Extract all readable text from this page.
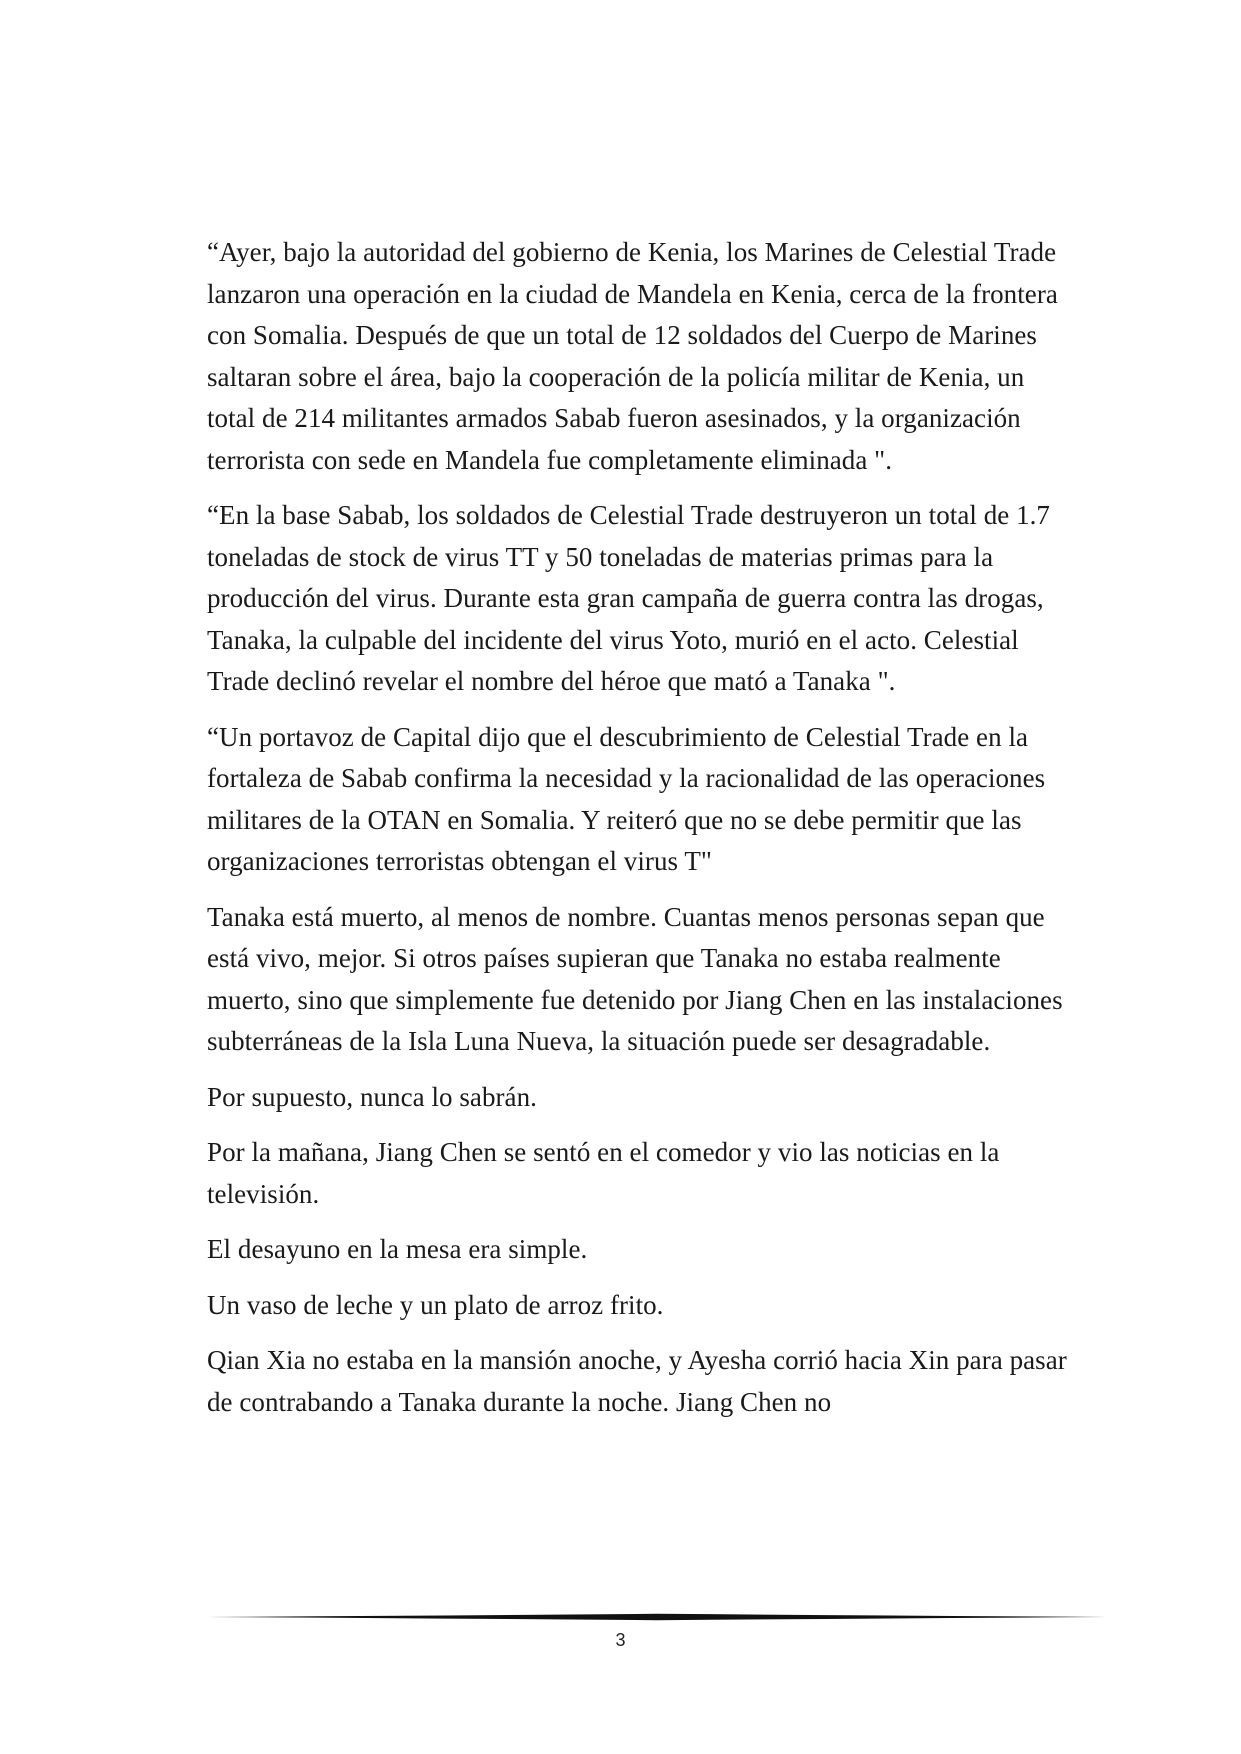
“Ayer, bajo la autoridad del gobierno de Kenia, los Marines de Celestial Trade lanzaron una operación en la ciudad de Mandela en Kenia, cerca de la frontera con Somalia. Después de que un total de 12 soldados del Cuerpo de Marines saltaran sobre el área, bajo la cooperación de la policía militar de Kenia, un total de 214 militantes armados Sabab fueron asesinados, y la organización terrorista con sede en Mandela fue completamente eliminada ".

“En la base Sabab, los soldados de Celestial Trade destruyeron un total de 1.7 toneladas de stock de virus TT y 50 toneladas de materias primas para la producción del virus. Durante esta gran campaña de guerra contra las drogas, Tanaka, la culpable del incidente del virus Yoto, murió en el acto. Celestial Trade declinó revelar el nombre del héroe que mató a Tanaka ".

“Un portavoz de Capital dijo que el descubrimiento de Celestial Trade en la fortaleza de Sabab confirma la necesidad y la racionalidad de las operaciones militares de la OTAN en Somalia. Y reiteró que no se debe permitir que las organizaciones terroristas obtengan el virus T"

Tanaka está muerto, al menos de nombre. Cuantas menos personas sepan que está vivo, mejor. Si otros países supieran que Tanaka no estaba realmente muerto, sino que simplemente fue detenido por Jiang Chen en las instalaciones subterráneas de la Isla Luna Nueva, la situación puede ser desagradable.

Por supuesto, nunca lo sabrán.

Por la mañana, Jiang Chen se sentó en el comedor y vio las noticias en la televisión.

El desayuno en la mesa era simple.

Un vaso de leche y un plato de arroz frito.

Qian Xia no estaba en la mansión anoche, y Ayesha corrió hacia Xin para pasar de contrabando a Tanaka durante la noche. Jiang Chen no

3
